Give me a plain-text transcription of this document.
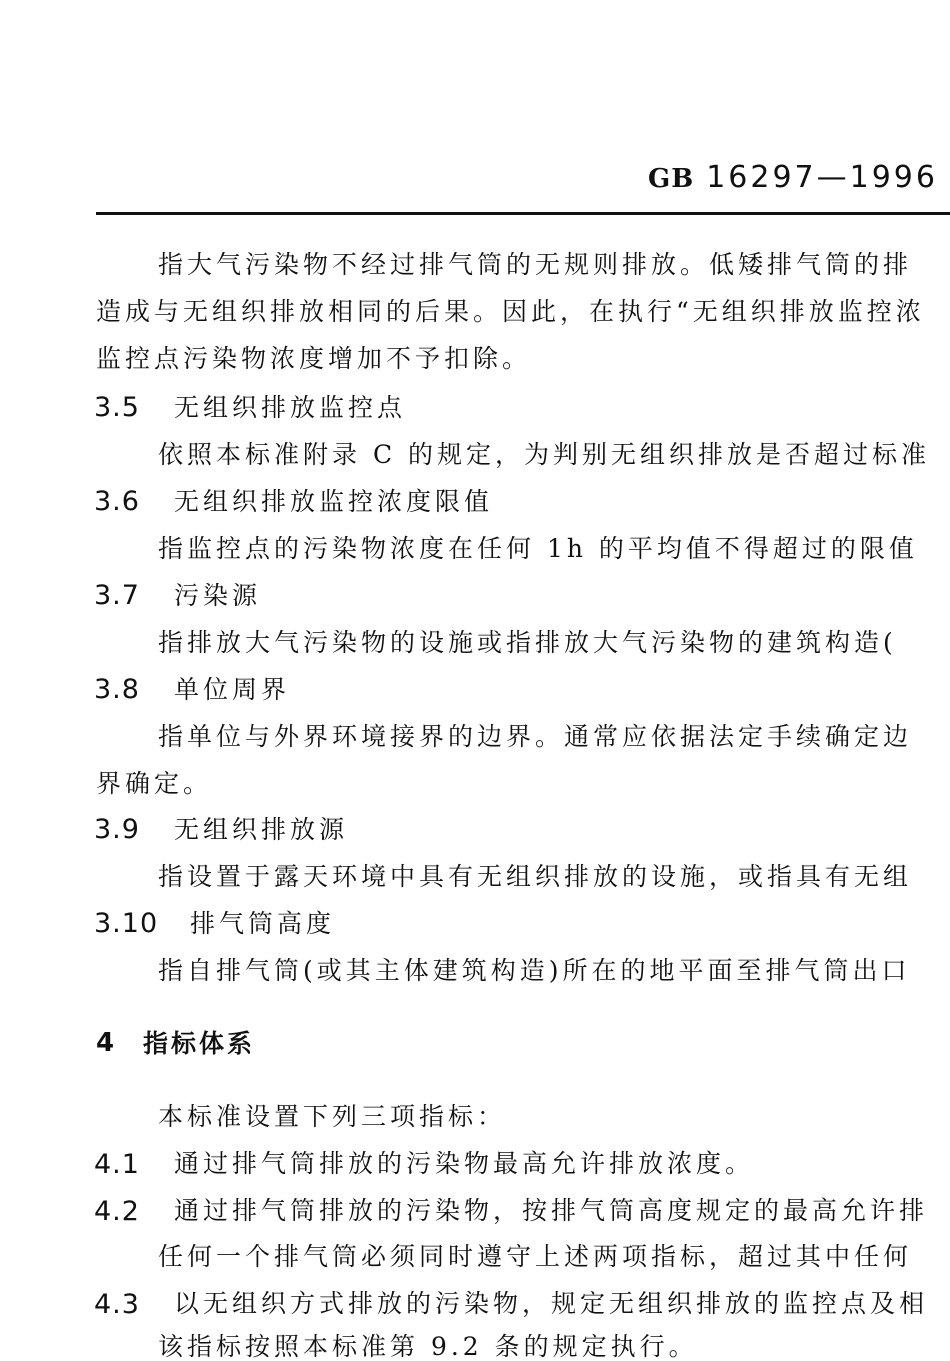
GB 16297—1996
指大气污染物不经过排气筒的无规则排放。低矮排气筒的排
造成与无组织排放相同的后果。因此，在执行“无组织排放监控浓
监控点污染物浓度增加不予扣除。
3.5 无组织排放监控点
依照本标准附录 C 的规定，为判别无组织排放是否超过标准
3.6 无组织排放监控浓度限值
指监控点的污染物浓度在任何 1h 的平均值不得超过的限值
3.7 污染源
指排放大气污染物的设施或指排放大气污染物的建筑构造(
3.8 单位周界
指单位与外界环境接界的边界。通常应依据法定手续确定边
界确定。
3.9 无组织排放源
指设置于露天环境中具有无组织排放的设施，或指具有无组
3.10 排气筒高度
指自排气筒(或其主体建筑构造)所在的地平面至排气筒出口
4 指标体系
本标准设置下列三项指标：
4.1 通过排气筒排放的污染物最高允许排放浓度。
4.2 通过排气筒排放的污染物，按排气筒高度规定的最高允许排
任何一个排气筒必须同时遵守上述两项指标，超过其中任何
4.3 以无组织方式排放的污染物，规定无组织排放的监控点及相
该指标按照本标准第 9.2 条的规定执行。
